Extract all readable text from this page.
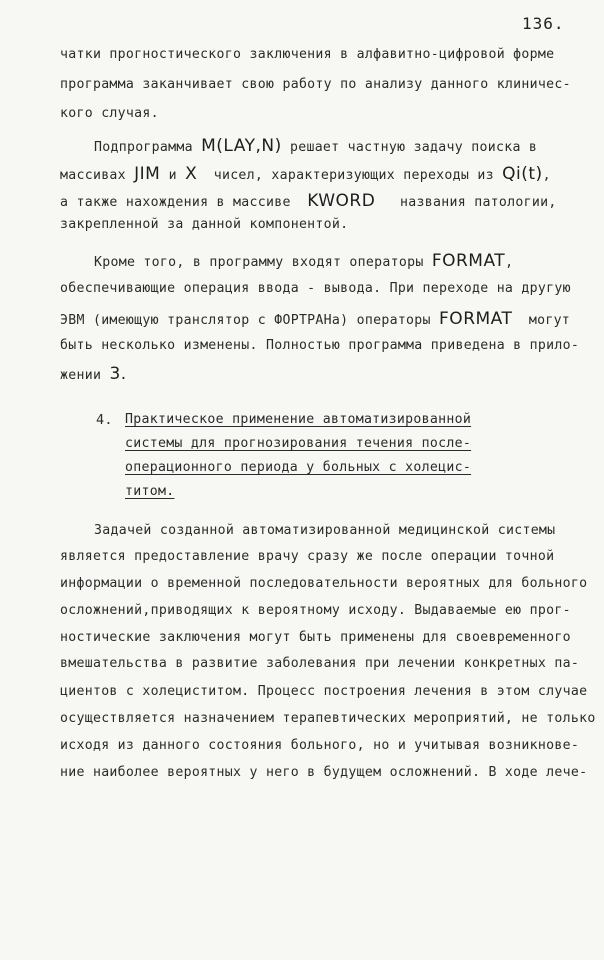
136.
чатки прогностического заключения в алфавитно-цифровой форме
программа заканчивает свою работу по анализу данного клиничес-
кого случая.
Подпрограмма M(LAY,N) решает частную задачу поиска в
массивах JIM и X  чисел, характеризующих переходы из Qi(t),
а также нахождения в массиве  KWORD   названия патологии,
закрепленной за данной компонентой.
Кроме того, в программу входят операторы FORMAT,
обеспечивающие операция ввода - вывода. При переходе на другую
ЭВМ (имеющую транслятор с ФОРТРАНа) операторы FORMAT  могут
быть несколько изменены. Полностью программа приведена в прило-
жении 3.
4. Практическое применение автоматизированной
системы для прогнозирования течения после-
операционного периода у больных с холецис-
титом.
Задачей созданной автоматизированной медицинской системы
является предоставление врачу сразу же после операции точной
информации о временной последовательности вероятных для больного
осложнений,приводящих к вероятному исходу. Выдаваемые ею прог-
ностические заключения могут быть применены для своевременного
вмешательства в развитие заболевания при лечении конкретных па-
циентов с холециститом. Процесс построения лечения в этом случае
осуществляется назначением терапевтических мероприятий, не только
исходя из данного состояния больного, но и учитывая возникнове-
ние наиболее вероятных у него в будущем осложнений. В ходе лече-
